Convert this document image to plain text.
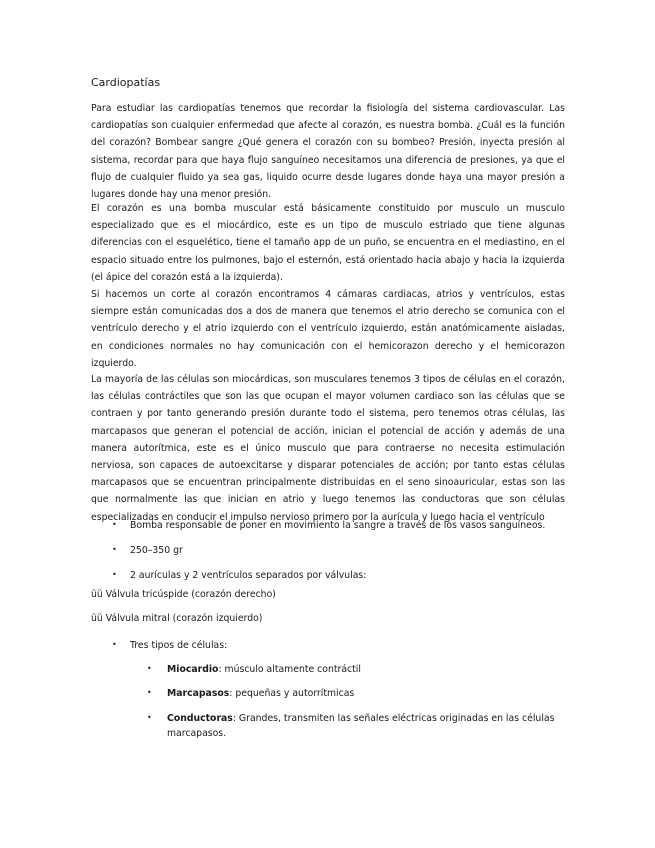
Cardiopatías

Para estudiar las cardiopatías tenemos que recordar la fisiología del sistema cardiovascular. Las cardiopatías son cualquier enfermedad que afecte al corazón, es nuestra bomba. ¿Cuál es la función del corazón? Bombear sangre ¿Qué genera el corazón con su bombeo? Presión, inyecta presión al sistema, recordar para que haya flujo sanguíneo necesitamos una diferencia de presiones, ya que el flujo de cualquier fluido ya sea gas, liquido ocurre desde lugares donde haya una mayor presión a lugares donde hay una menor presión.

El corazón es una bomba muscular está básicamente constituido por musculo un musculo especializado que es el miocárdico, este es un tipo de musculo estriado que tiene algunas diferencias con el esquelético, tiene el tamaño app de un puño, se encuentra en el mediastino, en el espacio situado entre los pulmones, bajo el esternón, está orientado hacia abajo y hacia la izquierda (el ápice del corazón está a la izquierda).

Si hacemos un corte al corazón encontramos 4 cámaras cardiacas, atrios y ventrículos, estas siempre están comunicadas dos a dos de manera que tenemos el atrio derecho se comunica con el ventrículo derecho y el atrio izquierdo con el ventrículo izquierdo, están anatómicamente aisladas, en condiciones normales no hay comunicación con el hemicorazon derecho y el hemicorazon izquierdo.

La mayoría de las células son miocárdicas, son musculares tenemos 3 tipos de células en el corazón, las células contráctiles que son las que ocupan el mayor volumen cardiaco son las células que se contraen y por tanto generando presión durante todo el sistema, pero tenemos otras células, las marcapasos que generan el potencial de acción, inician el potencial de acción y además de una manera autorítmica, este es el único musculo que para contraerse no necesita estimulación nerviosa, son capaces de autoexcitarse y disparar potenciales de acción; por tanto estas células marcapasos que se encuentran principalmente distribuidas en el seno sinoauricular, estas son las que normalmente las que inician en atrio y luego tenemos las conductoras que son células especializadas en conducir el impulso nervioso primero por la aurícula y luego hacia el ventrículo

• Bomba responsable de poner en movimiento la sangre a través de los vasos sanguíneos.

• 250–350 gr

• 2 aurículas y 2 ventrículos separados por válvulas:

üü Válvula tricúspide (corazón derecho)

üü Válvula mitral (corazón izquierdo)

• Tres tipos de células:

• Miocardio: músculo altamente contráctil

• Marcapasos: pequeñas y autorrítmicas

• Conductoras: Grandes, transmiten las señales eléctricas originadas en las células marcapasos.
